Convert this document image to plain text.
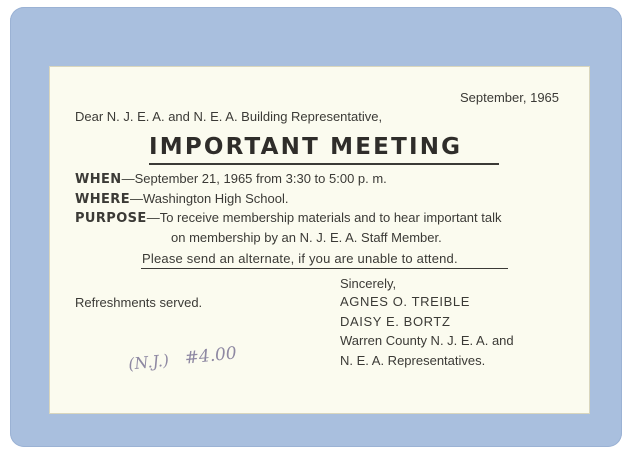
September, 1965
Dear N. J. E. A. and N. E. A. Building Representative,
IMPORTANT MEETING
WHEN—September 21, 1965 from 3:30 to 5:00 p. m.
WHERE—Washington High School.
PURPOSE—To receive membership materials and to hear important talk
on membership by an N. J. E. A. Staff Member.
Please send an alternate, if you are unable to attend.
Sincerely,
Refreshments served.	AGNES O. TREIBLE
DAISY E. BORTZ
Warren County N. J. E. A. and
N. E. A. Representatives.
(N.J.) #4.00
